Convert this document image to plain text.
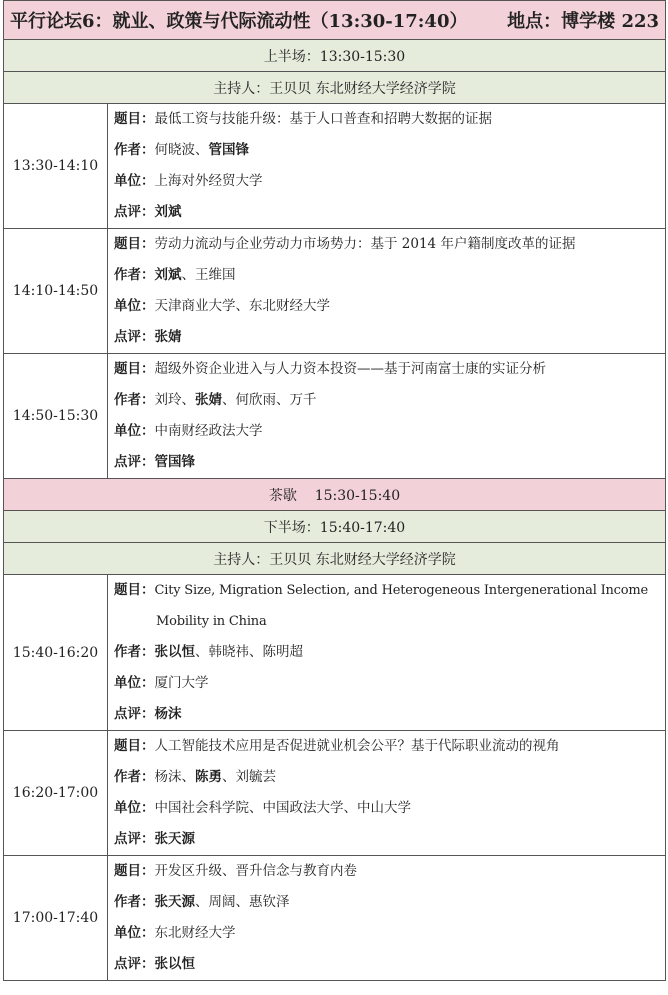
平行论坛6：就业、政策与代际流动性（13:30-17:40） 地点：博学楼 223	

上半场：13:30-15:30	
主持人：王贝贝 东北财经大学经济学院	
13:30-14:10	题目：最低工资与技能升级：基于人口普查和招聘大数据的证据
作者：何晓波、管国锋
单位：上海对外经贸大学
点评：刘斌

14:10-14:50	题目：劳动力流动与企业劳动力市场势力：基于 2014 年户籍制度改革的证据
作者：刘斌、王维国
单位：天津商业大学、东北财经大学
点评：张婧

14:50-15:30	题目：超级外资企业进入与人力资本投资——基于河南富士康的实证分析
作者：刘玲、张婧、何欣雨、万千
单位：中南财经政法大学
点评：管国锋

茶歇 15:30-15:40	
下半场：15:40-17:40	
主持人：王贝贝 东北财经大学经济学院	
15:40-16:20	题目：City Size, Migration Selection, and Heterogeneous Intergenerational Income
Mobility in China
作者：张以恒、韩晓祎、陈明超
单位：厦门大学
点评：杨沫

16:20-17:00	题目：人工智能技术应用是否促进就业机会公平？基于代际职业流动的视角
作者：杨沫、陈勇、刘毓芸
单位：中国社会科学院、中国政法大学、中山大学
点评：张天源

17:00-17:40	题目：开发区升级、晋升信念与教育内卷
作者：张天源、周阔、惠钦泽
单位：东北财经大学
点评：张以恒
